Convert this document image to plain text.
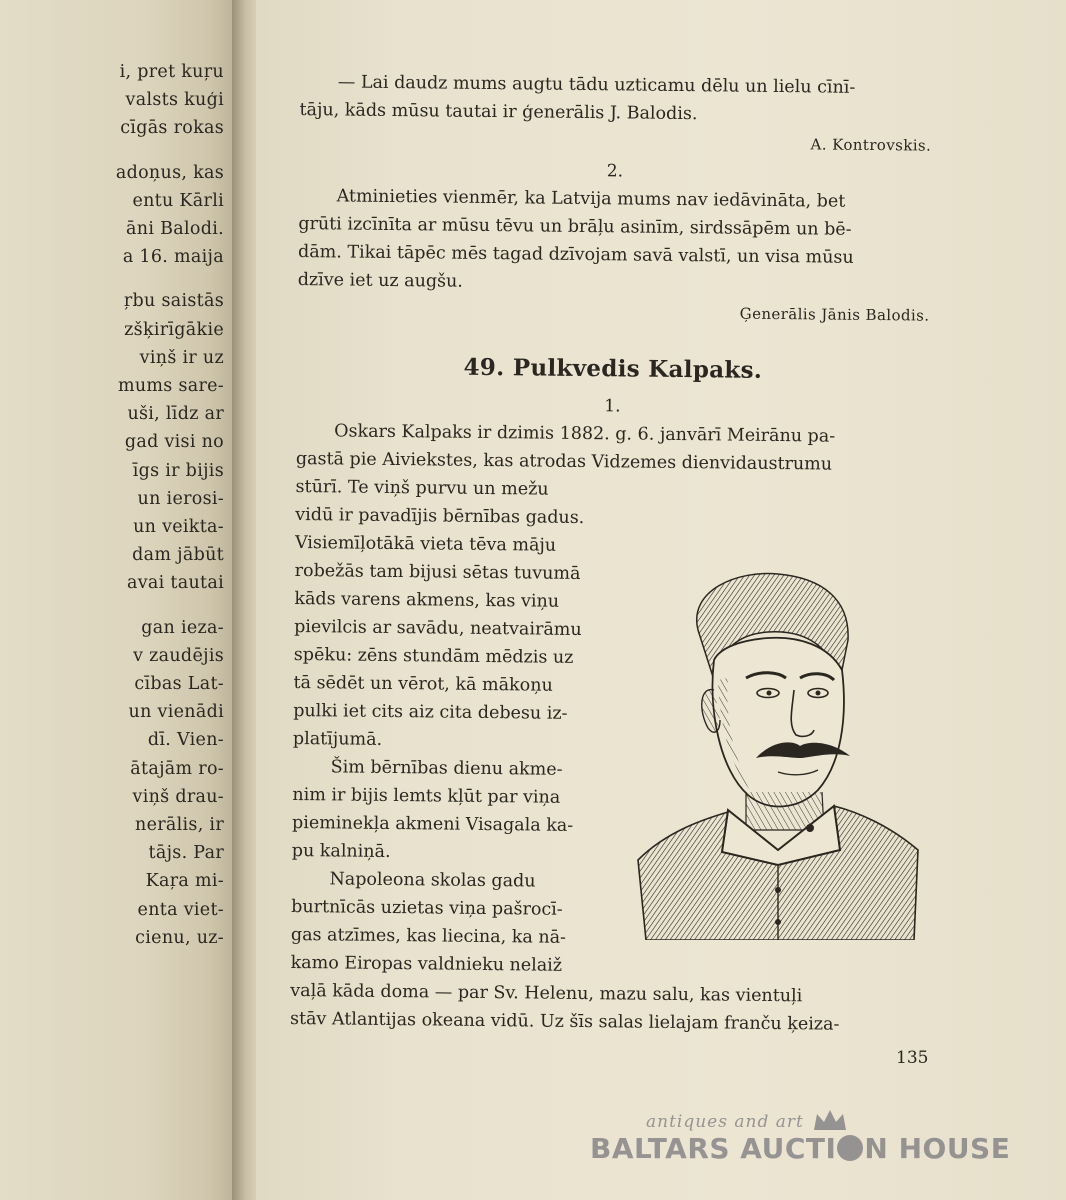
i, pret kuŗu
valsts kuģi
cīgās rokas
adoņus, kas
entu Kārli
āni Balodi.
a 16. maija
ŗbu saistās
zšķirīgākie
viņš ir uz
mums sare-
uši, līdz ar
gad visi no
īgs ir bijis
un ierosi-
un veikta-
dam jābūt
avai tautai
gan ieza-
v zaudējis
cības Lat-
un vienādi
dī. Vien-
ātajām ro-
viņš drau-
nerālis, ir
tājs. Par
Kaŗa mi-
enta viet-
cienu, uz-

— Lai daudz mums augtu tādu uzticamu dēlu un lielu cīnī-
tāju, kāds mūsu tautai ir ģenerālis J. Balodis.

A. Kontrovskis.

2.

Atminieties vienmēr, ka Latvija mums nav iedāvināta, bet
grūti izcīnīta ar mūsu tēvu un brāļu asinīm, sirdssāpēm un bē-
dām. Tikai tāpēc mēs tagad dzīvojam savā valstī, un visa mūsu
dzīve iet uz augšu.

Ģenerālis Jānis Balodis.

49. Pulkvedis Kalpaks.
1.

Oskars Kalpaks ir dzimis 1882. g. 6. janvārī Meirānu pa-
gastā pie Aiviekstes, kas atrodas Vidzemes dienvidaustrumu

stūrī. Te viņš purvu un mežu
vidū ir pavadījis bērnības gadus.
Visiemīļotākā vieta tēva māju
robežās tam bijusi sētas tuvumā
kāds varens akmens, kas viņu
pievilcis ar savādu, neatvairāmu
spēku: zēns stundām mēdzis uz
tā sēdēt un vērot, kā mākoņu
pulki iet cits aiz cita debesu iz-
platījumā.
Šim bērnības dienu akme-
nim ir bijis lemts kļūt par viņa
pieminekļa akmeni Visagala ka-
pu kalniņā.
Napoleona skolas gadu
burtnīcās uzietas viņa pašrocī-
gas atzīmes, kas liecina, ka nā-
kamo Eiropas valdnieku nelaiž

vaļā kāda doma — par Sv. Helenu, mazu salu, kas vientuļi
stāv Atlantijas okeana vidū. Uz šīs salas lielajam franču ķeiza-

135
antiques and art
BALTARS AUCTI N HOUSE
